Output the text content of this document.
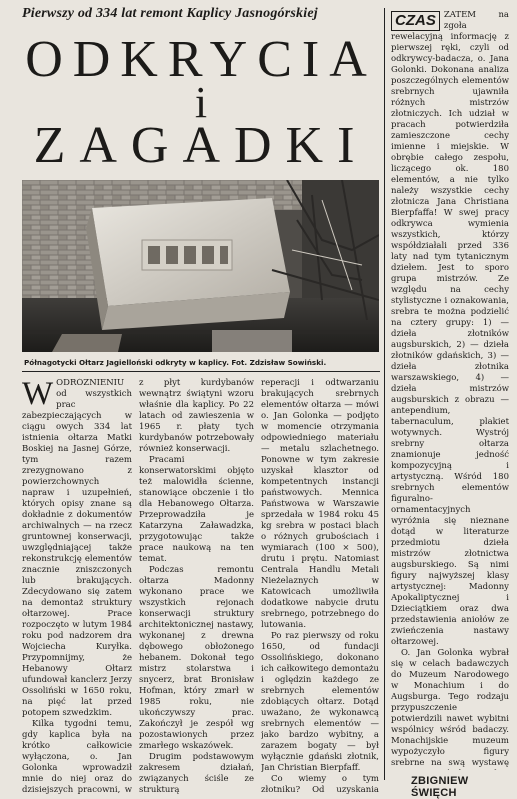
Pierwszy od 334 lat remont Kaplicy Jasnogórskiej
ODKRYCIA
i
ZAGADKI
Półnagotycki Ołtarz Jagielloński odkryty w kaplicy. Fot. Zdzisław Sowiński.

WODRÓŻNIENIU od wszystkich prac zabezpieczających w ciągu owych 334 lat istnienia ołtarza Matki Boskiej na Jasnej Górze, tym razem zrezygnowano z powierzchownych napraw i uzupełnień, których opisy znane są dokładnie z dokumentów archiwalnych — na rzecz gruntownej konserwacji, uwzględniającej także rekonstrukcję elementów znacznie zniszczonych lub brakujących. Zdecydowano się zatem na demontaż struktury ołtarzowej. Prace rozpoczęto w lutym 1984 roku pod nadzorem dra Wojciecha Kuryłka. Przypomnijmy, że Hebanowy Ołtarz ufundował kanclerz Jerzy Ossoliński w 1650 roku, na pięć lat przed potopem szwedzkim.

Kilka tygodni temu, gdy kaplica była na krótko całkowicie wyłączona, o. Jan Golonka wprowadził mnie do niej oraz do dzisiejszych pracowni, w

z płyt kurdybanów wewnątrz świątyni wzoru właśnie dla kaplicy. Po 22 latach od zawieszenia w 1965 r. płaty tych kurdybanów potrzebowały również konserwacji.

Pracami konserwatorskimi objęto też malowidła ścienne, stanowiące obczenie i tło dla Hebanowego Ołtarza. Przeprowadziła je Katarzyna Załawadzka, przygotowując także prace naukową na ten temat.

Podczas remontu ołtarza Madonny wykonano prace we wszystkich rejonach konserwacji struktury architektonicznej nastawy, wykonanej z drewna dębowego obłożonego hebanem. Dokonał tego mistrz stolarstwa i snycerz, brat Bronisław Hofman, który zmarł w 1985 roku, nie ukończywszy prac. Zakończył je zespół wg pozostawionych przez zmarłego wskazówek.

Drugim podstawowym zakresem działań, związanych ściśle ze strukturą

reperacji i odtwarzaniu brakujących srebrnych elementów ołtarza — mówi o. Jan Golonka — podjęto w momencie otrzymania odpowiedniego materiału — metalu szlachetnego. Ponowne w tym zakresie uzyskał klasztor od kompetentnych instancji państwowych. Mennica Państwowa w Warszawie sprzedała w 1984 roku 45 kg srebra w postaci blach o różnych grubościach i wymiarach (100 × 500), drutu i prętu. Natomiast Centrala Handlu Metali Nieżelaznych w Katowicach umożliwiła dodatkowe nabycie drutu srebrnego, potrzebnego do lutowania.

Po raz pierwszy od roku 1650, od fundacji Ossolińskiego, dokonano ich całkowitego demontażu i oględzin każdego ze srebrnych elementów zdobiących ołtarz. Dotąd uważano, że wykonawcą srebrnych elementów — jako bardzo wybitny, a zarazem bogaty — był wyłącznie gdański złotnik, Jan Christian Bierpfaff.

Co wiemy o tym złotniku? Od uzyskania

CZAS ZATEM na zgoła rewelacyjną informację z pierwszej ręki, czyli od odkrywcy-badacza, o. Jana Golonki. Dokonana analiza poszczególnych elementów srebrnych ujawniła różnych mistrzów złotniczych. Ich udział w pracach potwierdziła zamieszczone cechy imienne i miejskie. W obrębie całego zespołu, liczącego ok. 180 elementów, a nie tylko należy wszystkie cechy złotnicza Jana Christiana Bierpfaffa! W swej pracy odkrywca wymienia wszystkich, którzy współdziałali przed 336 laty nad tym tytanicznym dziełem. Jest to sporo grupa mistrzów. Ze względu na cechy stylistyczne i oznakowania, srebra te można podzielić na cztery grupy: 1) — dzieła złotników augsburskich, 2) — dzieła złotników gdańskich, 3) — dzieła złotnika warszawskiego, 4) — dzieła mistrzów augsburskich z obrazu — antependium, tabernaculum, plakiet wotywnych. Wystrój srebrny ołtarza znamionuje jedność kompozycyjną i artystyczną. Wśród 180 srebrnych elementów figuralno-ornamentacyjnych wyróżnia się nieznane dotąd w literaturze przedmiotu dzieła mistrzów złotnictwa augsburskiego. Są nimi figury najwyższej klasy artystycznej: Madonny Apokaliptycznej i Dzieciątkiem oraz dwa przedstawienia aniołów ze zwieńczenia nastawy ołtarzowej.

O. Jan Golonka wybrał się w celach badawczych do Muzeum Narodowego w Monachium i do Augsburga. Tego rodzaju przypuszczenie potwierdzili nawet wybitni wspólnicy wśród badaczy. Monachijskie muzeum wypożyczyło figury srebrne na swą wystawę

ZBIGNIEW ŚWIĘCH
